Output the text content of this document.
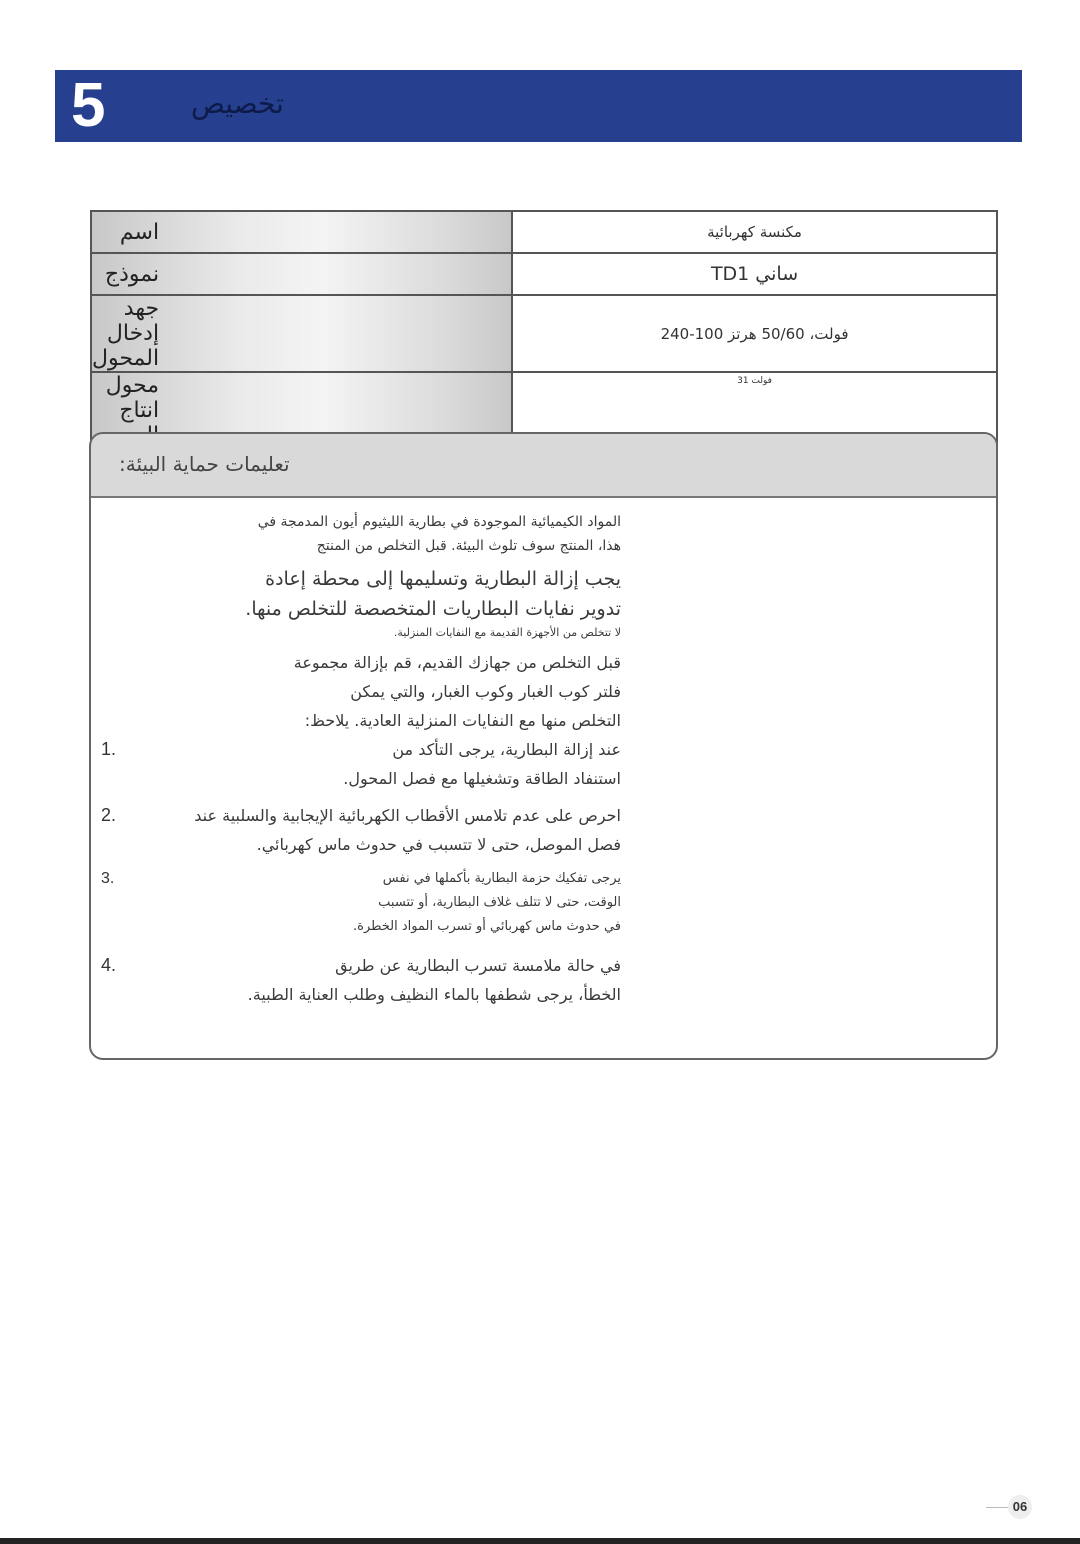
5	تخصيص
اسم	مكنسة كهربائية
نموذج	ساني TD1
جهد إدخال المحول	فولت، 50/60 هرتز 100-240
محول انتاج	فولت 31
تعليمات حماية البيئة:

المواد الكيميائية الموجودة في بطارية الليثيوم أيون المدمجة في

هذا، المنتج سوف تلوث البيئة. قبل التخلص من المنتج

يجب إزالة البطارية وتسليمها إلى محطة إعادة

تدوير نفايات البطاريات المتخصصة للتخلص منها.

لا تتخلص من الأجهزة القديمة مع النفايات المنزلية.

قبل التخلص من جهازك القديم، قم بإزالة مجموعة

فلتر كوب الغبار وكوب الغبار، والتي يمكن

التخلص منها مع النفايات المنزلية العادية. يلاحظ:

1.	عند إزالة البطارية، يرجى التأكد من

استنفاد الطاقة وتشغيلها مع فصل المحول.

2.	احرص على عدم تلامس الأقطاب الكهربائية الإيجابية والسلبية عند

فصل الموصل، حتى لا تتسبب في حدوث ماس كهربائي.

3.	يرجى تفكيك حزمة البطارية بأكملها في نفس

الوقت، حتى لا تتلف غلاف البطارية، أو تتسبب

في حدوث ماس كهربائي أو تسرب المواد الخطرة.

4.	في حالة ملامسة تسرب البطارية عن طريق

الخطأ، يرجى شطفها بالماء النظيف وطلب العناية الطبية.

06
